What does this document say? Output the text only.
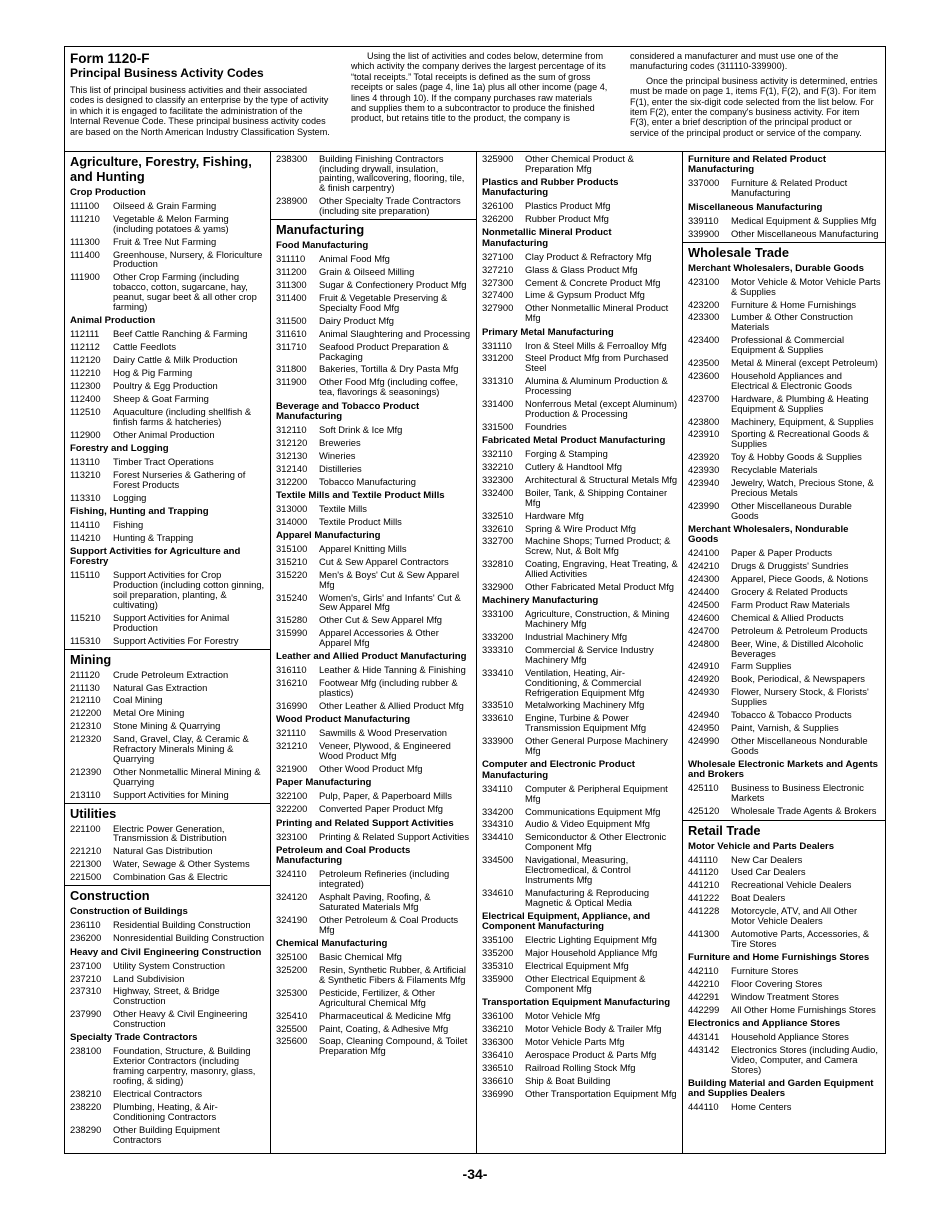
Form 1120-F
Principal Business Activity Codes

This list of principal business activities and their associated codes is designed to classify an enterprise by the type of activity in which it is engaged to facilitate the administration of the Internal Revenue Code. These principal business activity codes are based on the North American Industry Classification System.

Using the list of activities and codes below, determine from which activity the company derives the largest percentage of its “total receipts.” Total receipts is defined as the sum of gross receipts or sales (page 4, line 1a) plus all other income (page 4, lines 4 through 10). If the company purchases raw materials and supplies them to a subcontractor to produce the finished product, but retains title to the product, the company is

considered a manufacturer and must use one of the manufacturing codes (311110-339900).

Once the principal business activity is determined, entries must be made on page 1, items F(1), F(2), and F(3). For item F(1), enter the six-digit code selected from the list below. For item F(2), enter the company's business activity. For item F(3), enter a brief description of the principal product or service of the principal product or service of the company.

Agriculture, Forestry, Fishing, and Hunting
Crop Production
111100	Oilseed & Grain Farming
111210	Vegetable & Melon Farming (including potatoes & yams)
111300	Fruit & Tree Nut Farming
111400	Greenhouse, Nursery, & Floriculture Production
111900	Other Crop Farming (including tobacco, cotton, sugarcane, hay, peanut, sugar beet & all other crop farming)
Animal Production
112111	Beef Cattle Ranching & Farming
112112	Cattle Feedlots
112120	Dairy Cattle & Milk Production
112210	Hog & Pig Farming
112300	Poultry & Egg Production
112400	Sheep & Goat Farming
112510	Aquaculture (including shellfish & finfish farms & hatcheries)
112900	Other Animal Production
Forestry and Logging
113110	Timber Tract Operations
113210	Forest Nurseries & Gathering of Forest Products
113310	Logging
Fishing, Hunting and Trapping
114110	Fishing
114210	Hunting & Trapping
Support Activities for Agriculture and Forestry
115110	Support Activities for Crop Production (including cotton ginning, soil preparation, planting, & cultivating)
115210	Support Activities for Animal Production
115310	Support Activities For Forestry
Mining
211120	Crude Petroleum Extraction
211130	Natural Gas Extraction
212110	Coal Mining
212200	Metal Ore Mining
212310	Stone Mining & Quarrying
212320	Sand, Gravel, Clay, & Ceramic & Refractory Minerals Mining & Quarrying
212390	Other Nonmetallic Mineral Mining & Quarrying
213110	Support Activities for Mining
Utilities
221100	Electric Power Generation, Transmission & Distribution
221210	Natural Gas Distribution
221300	Water, Sewage & Other Systems
221500	Combination Gas & Electric
Construction
Construction of Buildings
236110	Residential Building Construction
236200	Nonresidential Building Construction
Heavy and Civil Engineering Construction
237100	Utility System Construction
237210	Land Subdivision
237310	Highway, Street, & Bridge Construction
237990	Other Heavy & Civil Engineering Construction
Specialty Trade Contractors
238100	Foundation, Structure, & Building Exterior Contractors (including framing carpentry, masonry, glass, roofing, & siding)
238210	Electrical Contractors
238220	Plumbing, Heating, & Air-Conditioning Contractors
238290	Other Building Equipment Contractors
238300	Building Finishing Contractors (including drywall, insulation, painting, wallcovering, flooring, tile, & finish carpentry)
238900	Other Specialty Trade Contractors (including site preparation)
Manufacturing
Food Manufacturing
311110	Animal Food Mfg
311200	Grain & Oilseed Milling
311300	Sugar & Confectionery Product Mfg
311400	Fruit & Vegetable Preserving & Specialty Food Mfg
311500	Dairy Product Mfg
311610	Animal Slaughtering and Processing
311710	Seafood Product Preparation & Packaging
311800	Bakeries, Tortilla & Dry Pasta Mfg
311900	Other Food Mfg (including coffee, tea, flavorings & seasonings)
Beverage and Tobacco Product Manufacturing
312110	Soft Drink & Ice Mfg
312120	Breweries
312130	Wineries
312140	Distilleries
312200	Tobacco Manufacturing
Textile Mills and Textile Product Mills
313000	Textile Mills
314000	Textile Product Mills
Apparel Manufacturing
315100	Apparel Knitting Mills
315210	Cut & Sew Apparel Contractors
315220	Men's & Boys' Cut & Sew Apparel Mfg
315240	Women's, Girls' and Infants' Cut & Sew Apparel Mfg
315280	Other Cut & Sew Apparel Mfg
315990	Apparel Accessories & Other Apparel Mfg
Leather and Allied Product Manufacturing
316110	Leather & Hide Tanning & Finishing
316210	Footwear Mfg (including rubber & plastics)
316990	Other Leather & Allied Product Mfg
Wood Product Manufacturing
321110	Sawmills & Wood Preservation
321210	Veneer, Plywood, & Engineered Wood Product Mfg
321900	Other Wood Product Mfg
Paper Manufacturing
322100	Pulp, Paper, & Paperboard Mills
322200	Converted Paper Product Mfg
Printing and Related Support Activities
323100	Printing & Related Support Activities
Petroleum and Coal Products Manufacturing
324110	Petroleum Refineries (including integrated)
324120	Asphalt Paving, Roofing, & Saturated Materials Mfg
324190	Other Petroleum & Coal Products Mfg
Chemical Manufacturing
325100	Basic Chemical Mfg
325200	Resin, Synthetic Rubber, & Artificial & Synthetic Fibers & Filaments Mfg
325300	Pesticide, Fertilizer, & Other Agricultural Chemical Mfg
325410	Pharmaceutical & Medicine Mfg
325500	Paint, Coating, & Adhesive Mfg
325600	Soap, Cleaning Compound, & Toilet Preparation Mfg
325900	Other Chemical Product & Preparation Mfg
Plastics and Rubber Products Manufacturing
326100	Plastics Product Mfg
326200	Rubber Product Mfg
Nonmetallic Mineral Product Manufacturing
327100	Clay Product & Refractory Mfg
327210	Glass & Glass Product Mfg
327300	Cement & Concrete Product Mfg
327400	Lime & Gypsum Product Mfg
327900	Other Nonmetallic Mineral Product Mfg
Primary Metal Manufacturing
331110	Iron & Steel Mills & Ferroalloy Mfg
331200	Steel Product Mfg from Purchased Steel
331310	Alumina & Aluminum Production & Processing
331400	Nonferrous Metal (except Aluminum) Production & Processing
331500	Foundries
Fabricated Metal Product Manufacturing
332110	Forging & Stamping
332210	Cutlery & Handtool Mfg
332300	Architectural & Structural Metals Mfg
332400	Boiler, Tank, & Shipping Container Mfg
332510	Hardware Mfg
332610	Spring & Wire Product Mfg
332700	Machine Shops; Turned Product; & Screw, Nut, & Bolt Mfg
332810	Coating, Engraving, Heat Treating, & Allied Activities
332900	Other Fabricated Metal Product Mfg
Machinery Manufacturing
333100	Agriculture, Construction, & Mining Machinery Mfg
333200	Industrial Machinery Mfg
333310	Commercial & Service Industry Machinery Mfg
333410	Ventilation, Heating, Air-Conditioning, & Commercial Refrigeration Equipment Mfg
333510	Metalworking Machinery Mfg
333610	Engine, Turbine & Power Transmission Equipment Mfg
333900	Other General Purpose Machinery Mfg
Computer and Electronic Product Manufacturing
334110	Computer & Peripheral Equipment Mfg
334200	Communications Equipment Mfg
334310	Audio & Video Equipment Mfg
334410	Semiconductor & Other Electronic Component Mfg
334500	Navigational, Measuring, Electromedical, & Control Instruments Mfg
334610	Manufacturing & Reproducing Magnetic & Optical Media
Electrical Equipment, Appliance, and Component Manufacturing
335100	Electric Lighting Equipment Mfg
335200	Major Household Appliance Mfg
335310	Electrical Equipment Mfg
335900	Other Electrical Equipment & Component Mfg
Transportation Equipment Manufacturing
336100	Motor Vehicle Mfg
336210	Motor Vehicle Body & Trailer Mfg
336300	Motor Vehicle Parts Mfg
336410	Aerospace Product & Parts Mfg
336510	Railroad Rolling Stock Mfg
336610	Ship & Boat Building
336990	Other Transportation Equipment Mfg
Furniture and Related Product Manufacturing
337000	Furniture & Related Product Manufacturing
Miscellaneous Manufacturing
339110	Medical Equipment & Supplies Mfg
339900	Other Miscellaneous Manufacturing
Wholesale Trade
Merchant Wholesalers, Durable Goods
423100	Motor Vehicle & Motor Vehicle Parts & Supplies
423200	Furniture & Home Furnishings
423300	Lumber & Other Construction Materials
423400	Professional & Commercial Equipment & Supplies
423500	Metal & Mineral (except Petroleum)
423600	Household Appliances and Electrical & Electronic Goods
423700	Hardware, & Plumbing & Heating Equipment & Supplies
423800	Machinery, Equipment, & Supplies
423910	Sporting & Recreational Goods & Supplies
423920	Toy & Hobby Goods & Supplies
423930	Recyclable Materials
423940	Jewelry, Watch, Precious Stone, & Precious Metals
423990	Other Miscellaneous Durable Goods
Merchant Wholesalers, Nondurable Goods
424100	Paper & Paper Products
424210	Drugs & Druggists' Sundries
424300	Apparel, Piece Goods, & Notions
424400	Grocery & Related Products
424500	Farm Product Raw Materials
424600	Chemical & Allied Products
424700	Petroleum & Petroleum Products
424800	Beer, Wine, & Distilled Alcoholic Beverages
424910	Farm Supplies
424920	Book, Periodical, & Newspapers
424930	Flower, Nursery Stock, & Florists' Supplies
424940	Tobacco & Tobacco Products
424950	Paint, Varnish, & Supplies
424990	Other Miscellaneous Nondurable Goods
Wholesale Electronic Markets and Agents and Brokers
425110	Business to Business Electronic Markets
425120	Wholesale Trade Agents & Brokers
Retail Trade
Motor Vehicle and Parts Dealers
441110	New Car Dealers
441120	Used Car Dealers
441210	Recreational Vehicle Dealers
441222	Boat Dealers
441228	Motorcycle, ATV, and All Other Motor Vehicle Dealers
441300	Automotive Parts, Accessories, & Tire Stores
Furniture and Home Furnishings Stores
442110	Furniture Stores
442210	Floor Covering Stores
442291	Window Treatment Stores
442299	All Other Home Furnishings Stores
Electronics and Appliance Stores
443141	Household Appliance Stores
443142	Electronics Stores (including Audio, Video, Computer, and Camera Stores)
Building Material and Garden Equipment and Supplies Dealers
444110	Home Centers
-34-
